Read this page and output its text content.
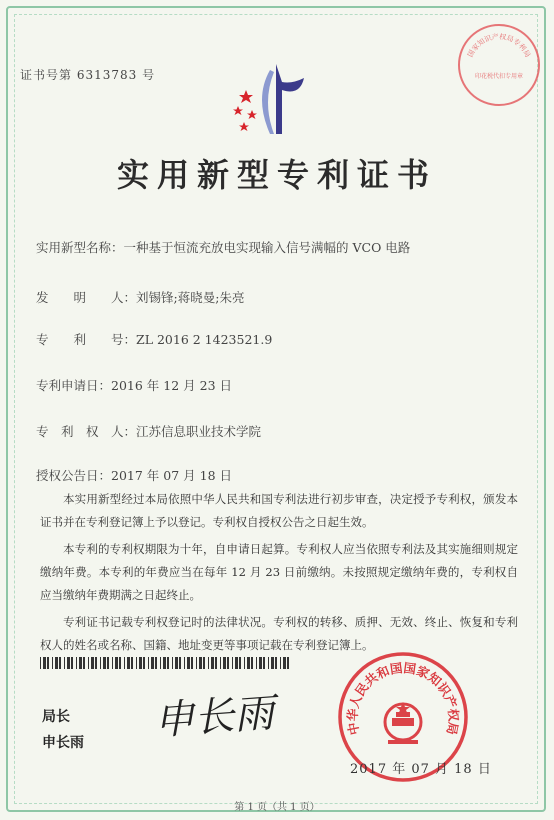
国家知识产权局专利局
印花税代扣专用章
证书号第 6313783 号
实用新型专利证书
实用新型名称：一种基于恒流充放电实现输入信号满幅的 VCO 电路
发　　明　　人：刘锡锋;蒋晓曼;朱亮
专　　利　　号：ZL 2016 2 1423521.9
专利申请日：2016 年 12 月 23 日
专　利　权　人：江苏信息职业技术学院
授权公告日：2017 年 07 月 18 日

本实用新型经过本局依照中华人民共和国专利法进行初步审查，决定授予专利权，颁发本证书并在专利登记簿上予以登记。专利权自授权公告之日起生效。

本专利的专利权期限为十年，自申请日起算。专利权人应当依照专利法及其实施细则规定缴纳年费。本专利的年费应当在每年 12 月 23 日前缴纳。未按照规定缴纳年费的，专利权自应当缴纳年费期满之日起终止。

专利证书记载专利权登记时的法律状况。专利权的转移、质押、无效、终止、恢复和专利权人的姓名或名称、国籍、地址变更等事项记载在专利登记簿上。

局长
申长雨 申长雨	中华人民共和国国家知识产权局
2017 年 07 月 18 日
第 1 页（共 1 页）
